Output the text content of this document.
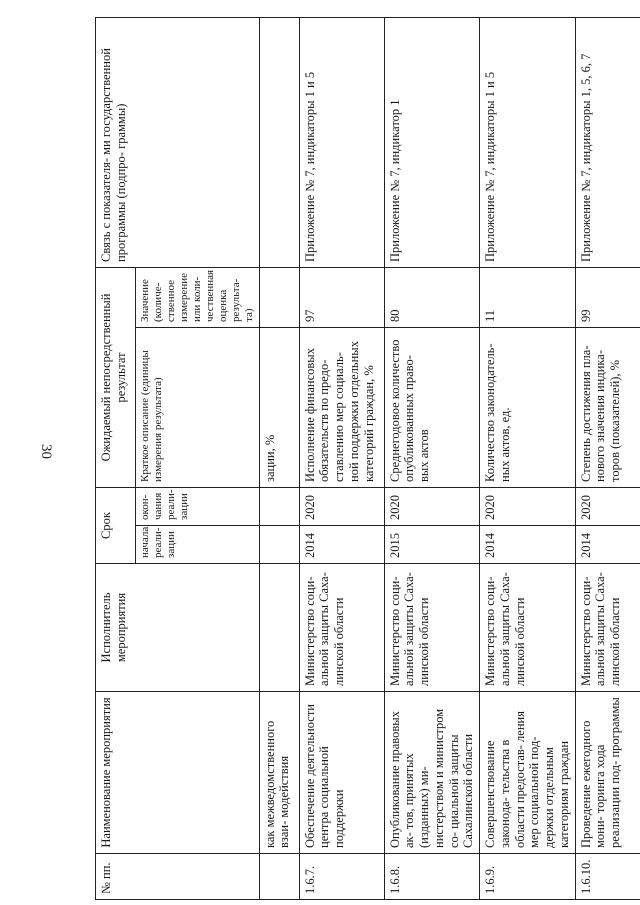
30
№ пп.	Наименование мероприятия	Исполнитель мероприятия	Срок		Ожидаемый непосредственный результат		Связь с показателя- ми государственной программы (подпро- граммы)
			начала реали- зации	окон- чания реали- зации	Краткое описание (единицы измерения результата)	Значение (количе- ственное измерение или коли- чественная оценка результа- та)	
	как межведомственного взаи- модействия				зации, %		
1.6.7.	Обеспечение деятельности центра социальной поддержки	Министерство соци- альной защиты Саха- линской области	2014	2020	Исполнение финансовых обязательств по предо- ставлению мер социаль- ной поддержки отдельных категорий граждан, %	97	Приложение № 7, индикаторы 1 и 5
1.6.8.	Опубликование правовых ак- тов, принятых (изданных) ми- нистерством и министром со- циальной защиты Сахалинской области	Министерство соци- альной защиты Саха- линской области	2015	2020	Среднегодовое количество опубликованных право- вых актов	80	Приложение № 7, индикатор 1
1.6.9.	Совершенствование законода- тельства в области предостав- ления мер социальной под- держки отдельным категориям граждан	Министерство соци- альной защиты Саха- линской области	2014	2020	Количество законодатель- ных актов, ед.	11	Приложение № 7, индикаторы 1 и 5
1.6.10.	Проведение ежегодного мони- торинга хода реализации под- программы	Министерство соци- альной защиты Саха- линской области	2014	2020	Степень достижения пла- нового значения индика- торов (показателей), %	99	Приложение № 7, индикаторы 1, 5, 6, 7
